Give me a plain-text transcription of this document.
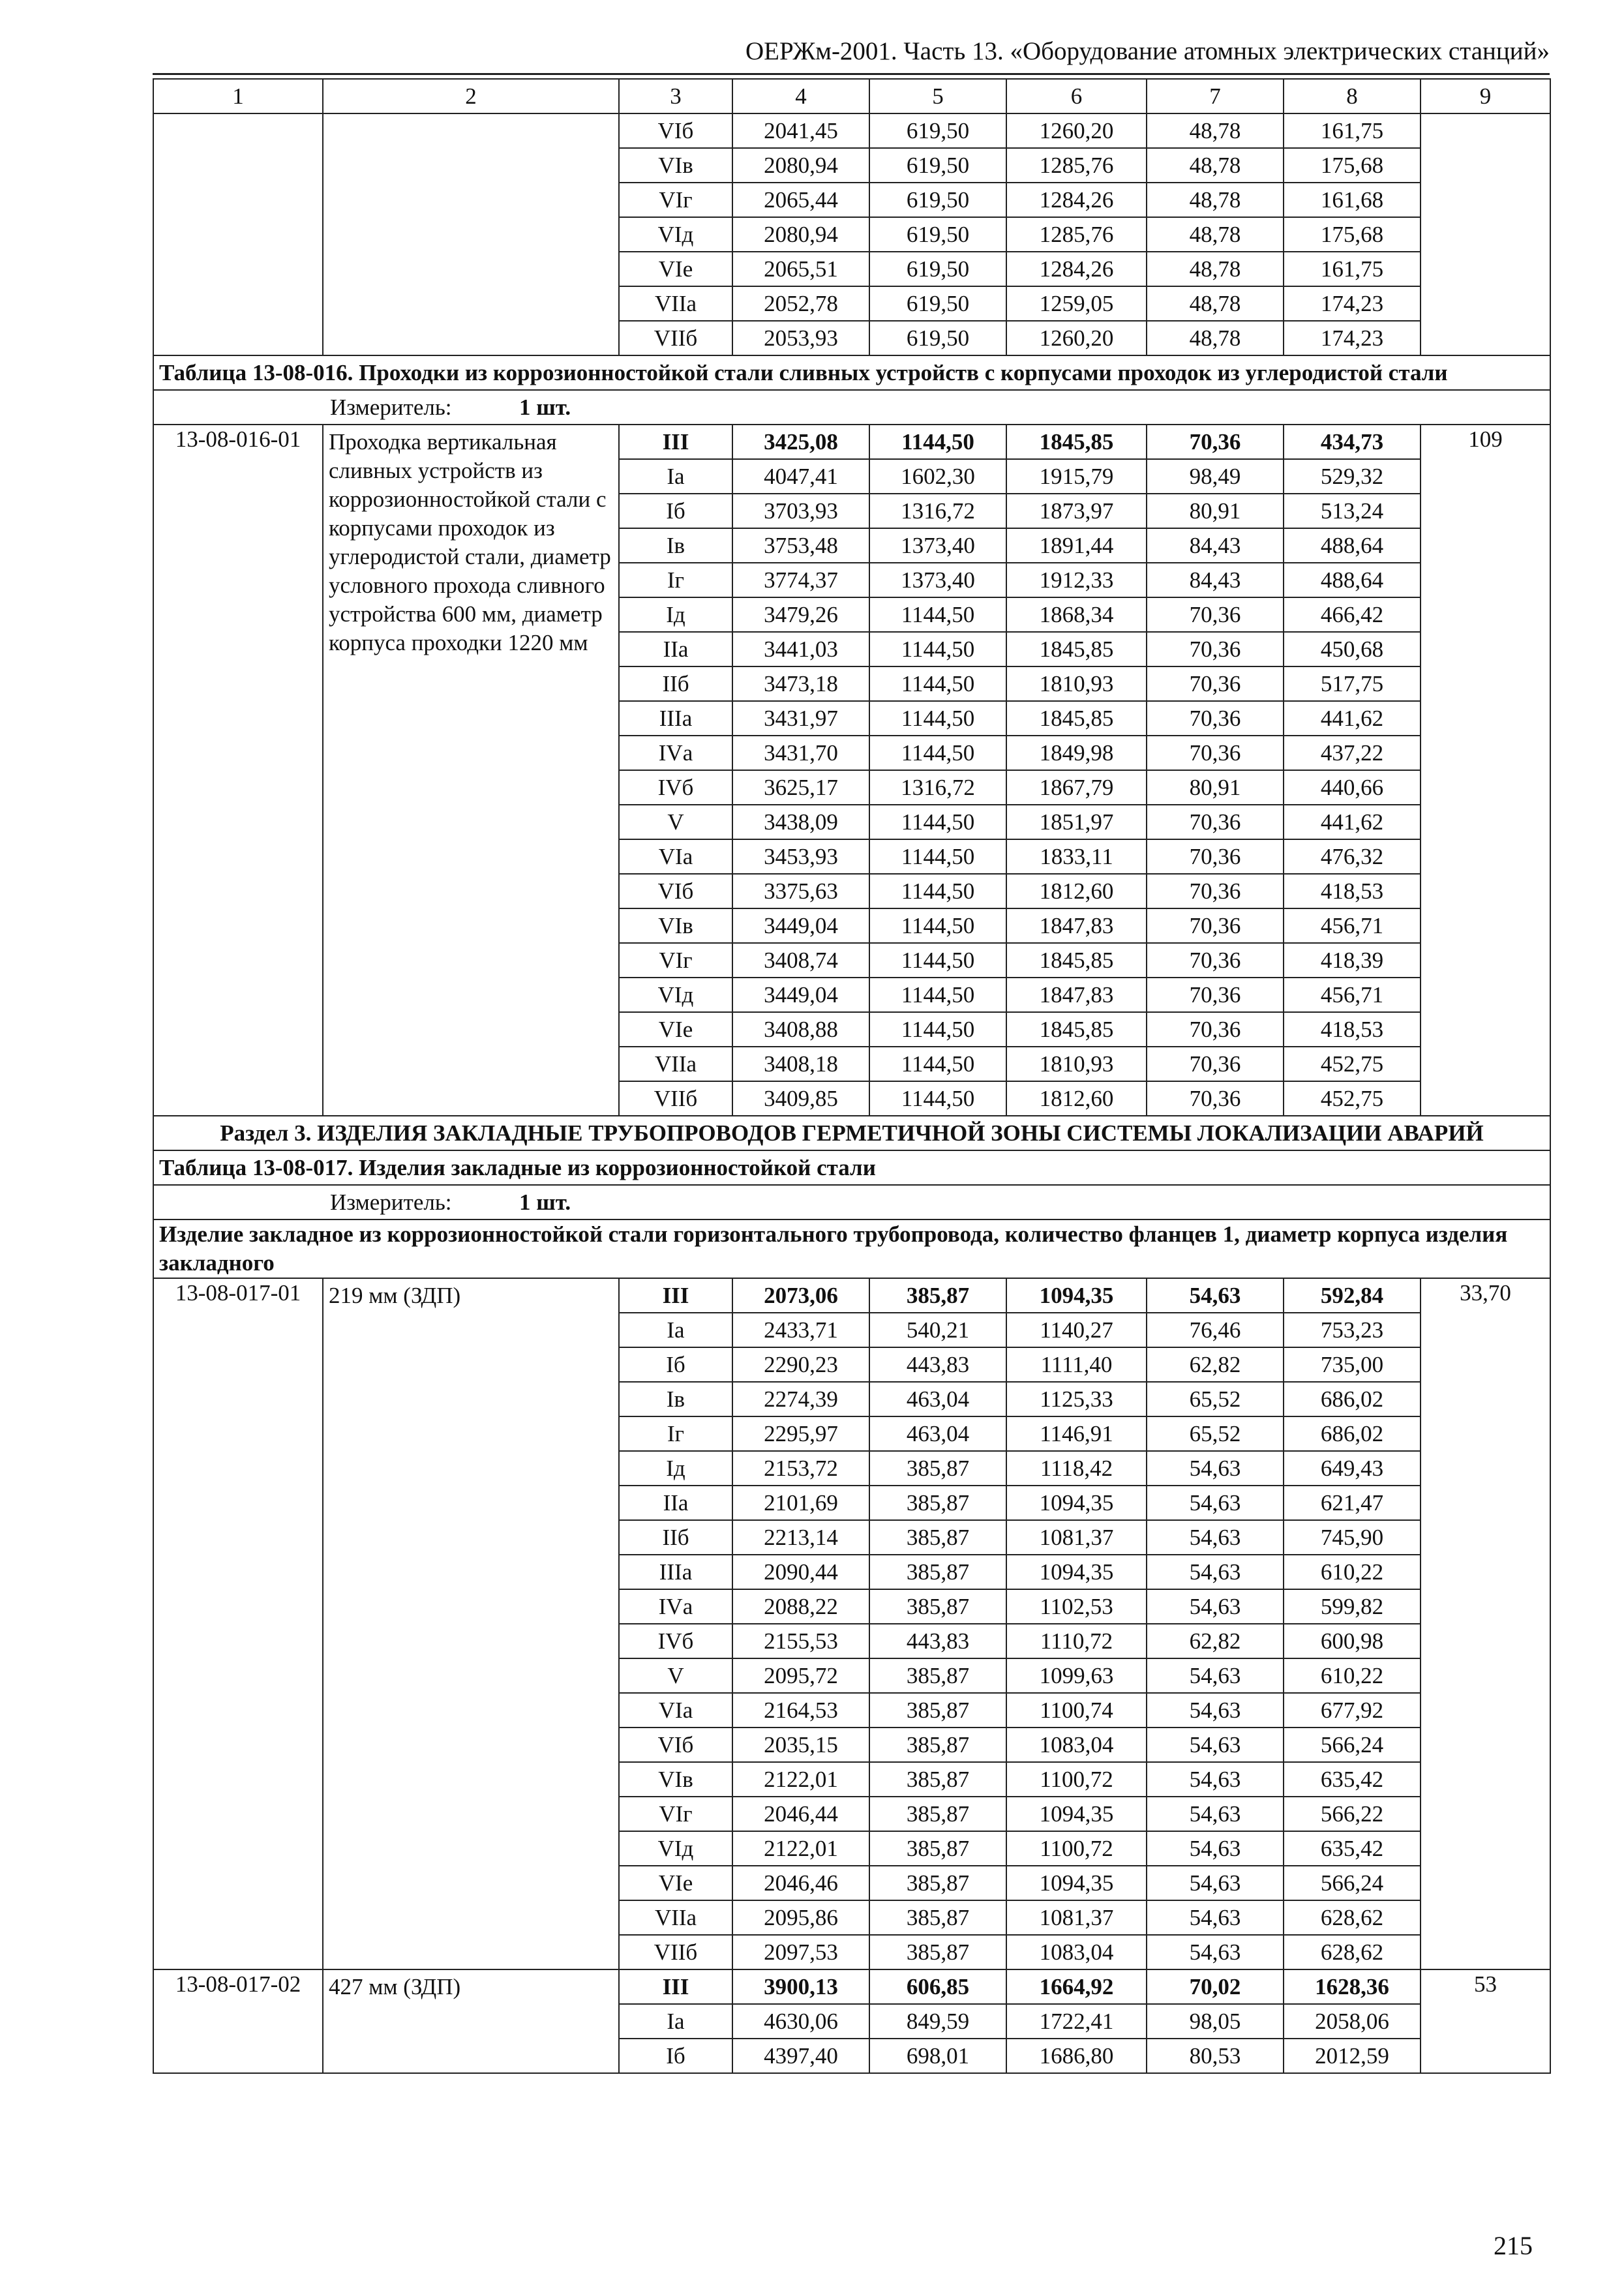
ОЕРЖм-2001. Часть 13. «Оборудование атомных электрических станций»
1	2	3	4	5	6	7	8	9
		VIб	2041,45	619,50	1260,20	48,78	161,75	
		VIв	2080,94	619,50	1285,76	48,78	175,68	
		VIг	2065,44	619,50	1284,26	48,78	161,68	
		VIд	2080,94	619,50	1285,76	48,78	175,68	
		VIе	2065,51	619,50	1284,26	48,78	161,75	
		VIIа	2052,78	619,50	1259,05	48,78	174,23	
		VIIб	2053,93	619,50	1260,20	48,78	174,23	
Таблица 13-08-016. Проходки из коррозионностойкой стали сливных устройств с корпусами проходок из углеродистой стали								
Измеритель: 1 шт.								
13-08-016-01	Проходка вертикальная сливных устройств из коррозионностойкой стали с корпусами проходок из углеродистой стали, диаметр условного прохода сливного устройства 600 мм, диаметр корпуса проходки 1220 мм	III	3425,08	1144,50	1845,85	70,36	434,73	109
		Iа	4047,41	1602,30	1915,79	98,49	529,32	
		Iб	3703,93	1316,72	1873,97	80,91	513,24	
		Iв	3753,48	1373,40	1891,44	84,43	488,64	
		Iг	3774,37	1373,40	1912,33	84,43	488,64	
		Iд	3479,26	1144,50	1868,34	70,36	466,42	
		IIа	3441,03	1144,50	1845,85	70,36	450,68	
		IIб	3473,18	1144,50	1810,93	70,36	517,75	
		IIIа	3431,97	1144,50	1845,85	70,36	441,62	
		IVа	3431,70	1144,50	1849,98	70,36	437,22	
		IVб	3625,17	1316,72	1867,79	80,91	440,66	
		V	3438,09	1144,50	1851,97	70,36	441,62	
		VIа	3453,93	1144,50	1833,11	70,36	476,32	
		VIб	3375,63	1144,50	1812,60	70,36	418,53	
		VIв	3449,04	1144,50	1847,83	70,36	456,71	
		VIг	3408,74	1144,50	1845,85	70,36	418,39	
		VIд	3449,04	1144,50	1847,83	70,36	456,71	
		VIе	3408,88	1144,50	1845,85	70,36	418,53	
		VIIа	3408,18	1144,50	1810,93	70,36	452,75	
		VIIб	3409,85	1144,50	1812,60	70,36	452,75	
Раздел 3. ИЗДЕЛИЯ ЗАКЛАДНЫЕ ТРУБОПРОВОДОВ ГЕРМЕТИЧНОЙ ЗОНЫ СИСТЕМЫ ЛОКАЛИЗАЦИИ АВАРИЙ								
Таблица 13-08-017. Изделия закладные из коррозионностойкой стали								
Измеритель: 1 шт.								
Изделие закладное из коррозионностойкой стали горизонтального трубопровода, количество фланцев 1, диаметр корпуса изделия закладного								
13-08-017-01	219 мм (ЗДП)	III	2073,06	385,87	1094,35	54,63	592,84	33,70
		Iа	2433,71	540,21	1140,27	76,46	753,23	
		Iб	2290,23	443,83	1111,40	62,82	735,00	
		Iв	2274,39	463,04	1125,33	65,52	686,02	
		Iг	2295,97	463,04	1146,91	65,52	686,02	
		Iд	2153,72	385,87	1118,42	54,63	649,43	
		IIа	2101,69	385,87	1094,35	54,63	621,47	
		IIб	2213,14	385,87	1081,37	54,63	745,90	
		IIIа	2090,44	385,87	1094,35	54,63	610,22	
		IVа	2088,22	385,87	1102,53	54,63	599,82	
		IVб	2155,53	443,83	1110,72	62,82	600,98	
		V	2095,72	385,87	1099,63	54,63	610,22	
		VIа	2164,53	385,87	1100,74	54,63	677,92	
		VIб	2035,15	385,87	1083,04	54,63	566,24	
		VIв	2122,01	385,87	1100,72	54,63	635,42	
		VIг	2046,44	385,87	1094,35	54,63	566,22	
		VIд	2122,01	385,87	1100,72	54,63	635,42	
		VIе	2046,46	385,87	1094,35	54,63	566,24	
		VIIа	2095,86	385,87	1081,37	54,63	628,62	
		VIIб	2097,53	385,87	1083,04	54,63	628,62	
13-08-017-02	427 мм (ЗДП)	III	3900,13	606,85	1664,92	70,02	1628,36	53
		Iа	4630,06	849,59	1722,41	98,05	2058,06	
		Iб	4397,40	698,01	1686,80	80,53	2012,59	
215
